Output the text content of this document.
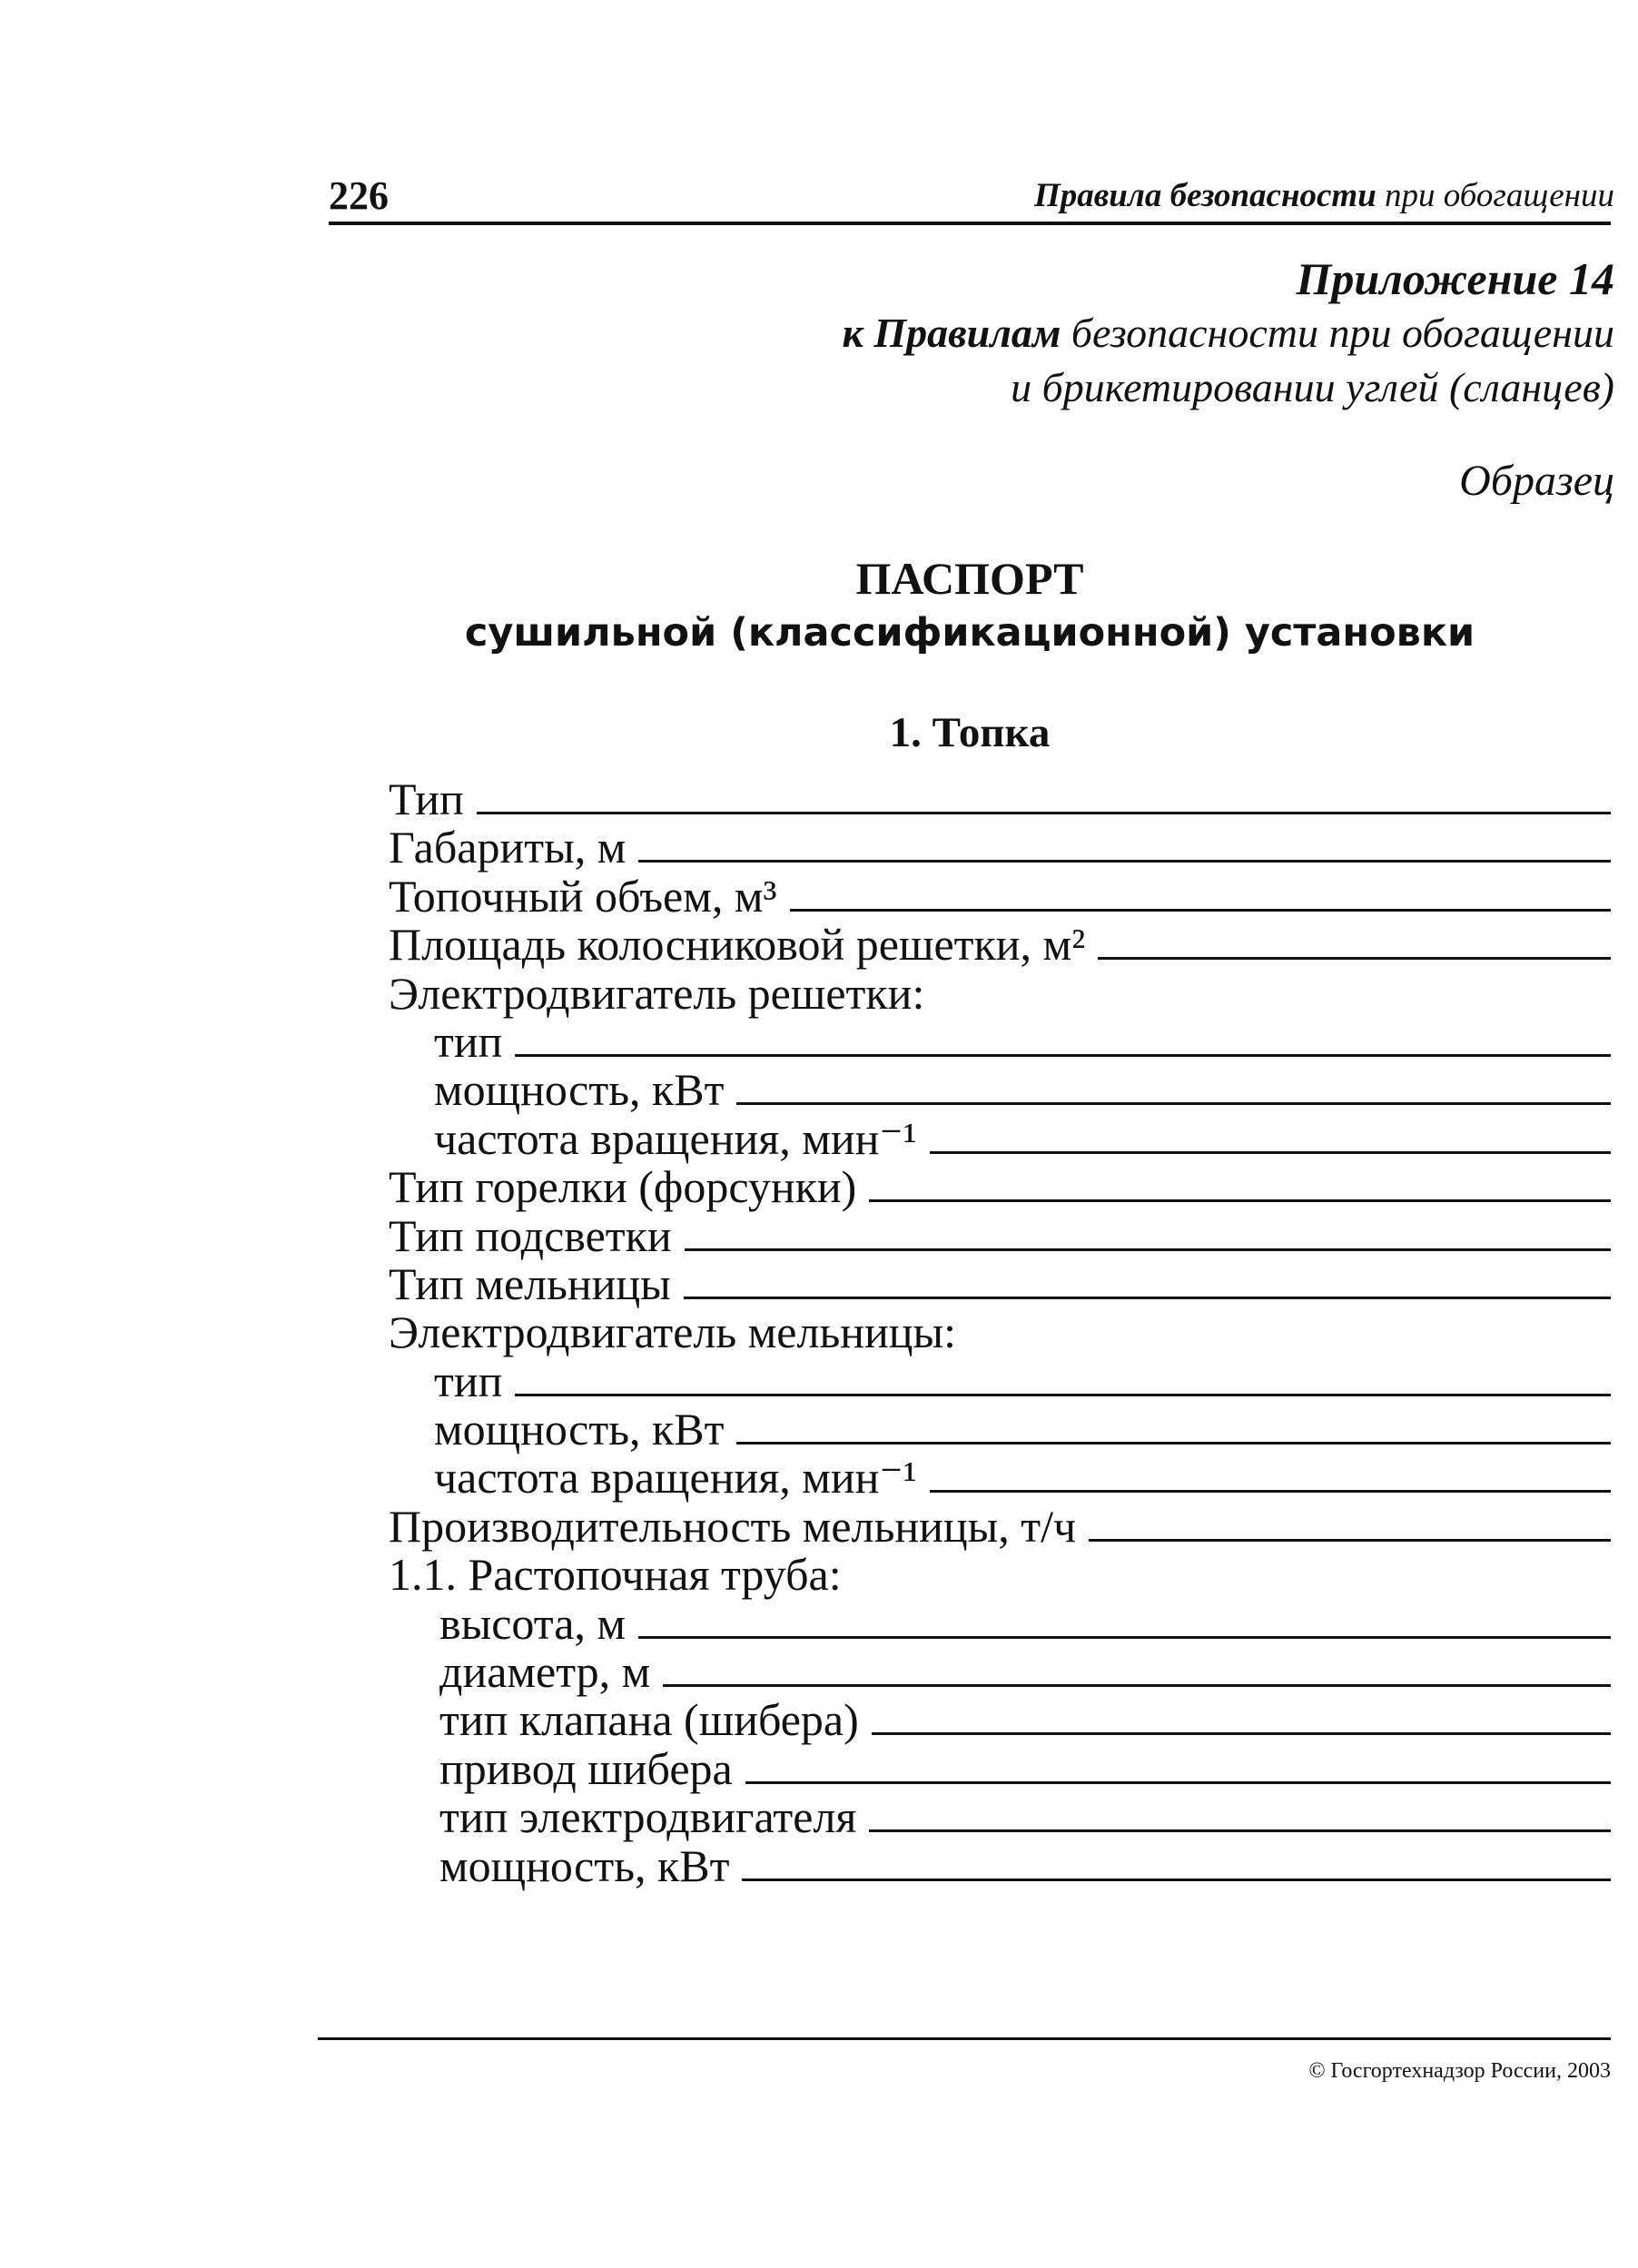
226	Правила безопасности при обогащении
Приложение 14
к Правилам безопасности при обогащении
и брикетировании углей (сланцев)
Образец
ПАСПОРТ
сушильной (классификационной) установки
1. Топка
Тип
Габариты, м
Топочный объем, м³
Площадь колосниковой решетки, м²
Электродвигатель решетки:
тип
мощность, кВт
частота вращения, мин⁻¹
Тип горелки (форсунки)
Тип подсветки
Тип мельницы
Электродвигатель мельницы:
тип
мощность, кВт
частота вращения, мин⁻¹
Производительность мельницы, т/ч
1.1. Растопочная труба:
высота, м
диаметр, м
тип клапана (шибера)
привод шибера
тип электродвигателя
мощность, кВт
© Госгортехнадзор России, 2003
